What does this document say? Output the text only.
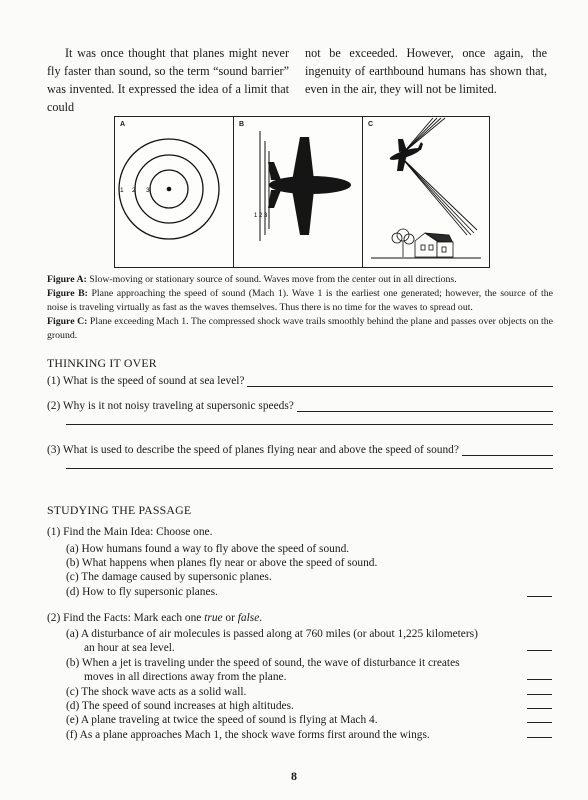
It was once thought that planes might never fly faster than sound, so the term “sound barrier” was invented. It expressed the idea of a limit that could

not be exceeded. However, once again, the ingenuity of earthbound humans has shown that, even in the air, they will not be limited.

1 2 3
A
1 2 3
B	C

Figure A: Slow-moving or stationary source of sound. Waves move from the center out in all directions.

Figure B: Plane approaching the speed of sound (Mach 1). Wave 1 is the earliest one generated; however, the source of the noise is traveling virtually as fast as the waves themselves. Thus there is no time for the waves to spread out.

Figure C: Plane exceeding Mach 1. The compressed shock wave trails smoothly behind the plane and passes over objects on the ground.

THINKING IT OVER
(1) What is the speed of sound at sea level?
(2) Why is it not noisy traveling at supersonic speeds?
(3) What is used to describe the speed of planes flying near and above the speed of sound?
STUDYING THE PASSAGE
(1) Find the Main Idea: Choose one.
(a) How humans found a way to fly above the speed of sound.
(b) What happens when planes fly near or above the speed of sound.
(c) The damage caused by supersonic planes.
(d) How to fly supersonic planes.
(2) Find the Facts: Mark each one true or false.
(a) A disturbance of air molecules is passed along at 760 miles (or about 1,225 kilometers)
an hour at sea level.
(b) When a jet is traveling under the speed of sound, the wave of disturbance it creates
moves in all directions away from the plane.
(c) The shock wave acts as a solid wall.
(d) The speed of sound increases at high altitudes.
(e) A plane traveling at twice the speed of sound is flying at Mach 4.
(f) As a plane approaches Mach 1, the shock wave forms first around the wings.
8
